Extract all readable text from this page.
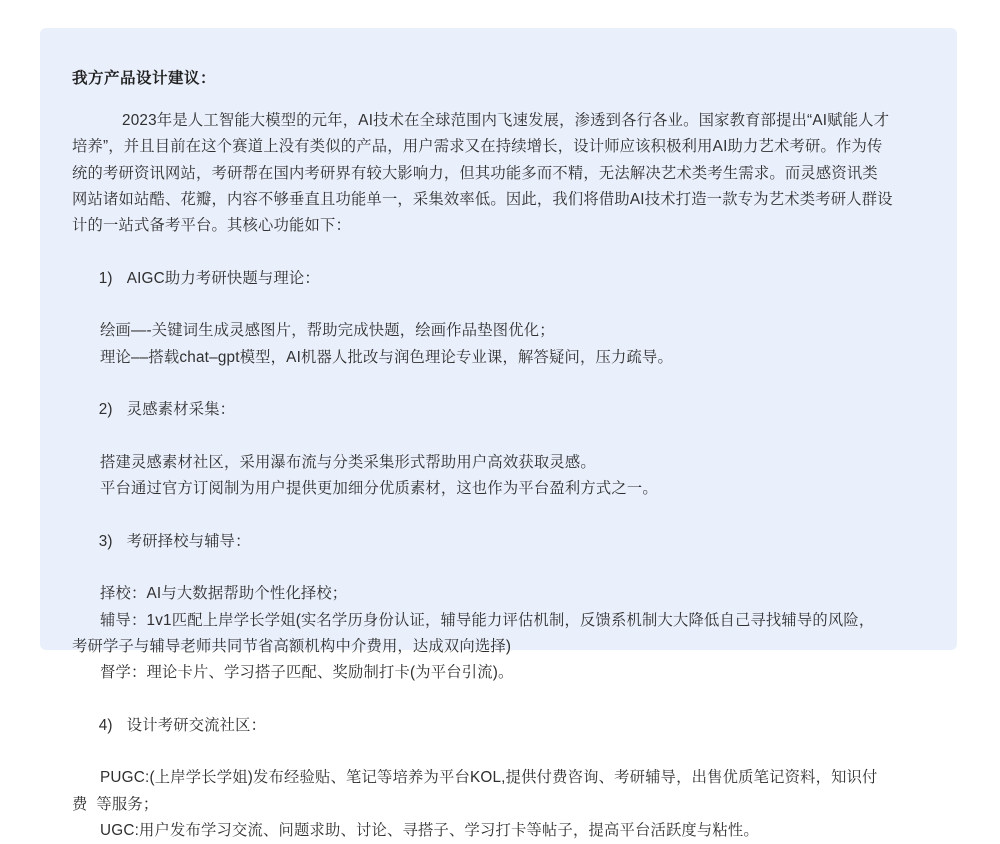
我方产品设计建议：
2023年是人工智能大模型的元年，AI技术在全球范围内飞速发展，渗透到各行各业。国家教育部提出“AI赋能人才
培养”，并且目前在这个赛道上没有类似的产品，用户需求又在持续增长，设计师应该积极利用AI助力艺术考研。作为传
统的考研资讯网站，考研帮在国内考研界有较大影响力，但其功能多而不精，无法解决艺术类考生需求。而灵感资讯类
网站诸如站酷、花瓣，内容不够垂直且功能单一，采集效率低。因此，我们将借助AI技术打造一款专为艺术类考研人群设
计的一站式备考平台。其核心功能如下：

1) AIGC助力考研快题与理论：

绘画—-关键词生成灵感图片，帮助完成快题，绘画作品垫图优化；
理论––搭载chat–gpt模型，AI机器人批改与润色理论专业课，解答疑问，压力疏导。

2) 灵感素材采集：

搭建灵感素材社区，采用瀑布流与分类采集形式帮助用户高效获取灵感。
平台通过官方订阅制为用户提供更加细分优质素材，这也作为平台盈利方式之一。

3) 考研择校与辅导：

择校：AI与大数据帮助个性化择校；
辅导：1v1匹配上岸学长学姐(实名学历身份认证，辅导能力评估机制，反馈系机制大大降低自己寻找辅导的风险，
考研学子与辅导老师共同节省高额机构中介费用，达成双向选择)
督学：理论卡片、学习搭子匹配、奖励制打卡(为平台引流)。

4) 设计考研交流社区：

PUGC:(上岸学长学姐)发布经验贴、笔记等培养为平台KOL,提供付费咨询、考研辅导，出售优质笔记资料，知识付
费  等服务；
UGC:用户发布学习交流、问题求助、讨论、寻搭子、学习打卡等帖子，提高平台活跃度与粘性。
